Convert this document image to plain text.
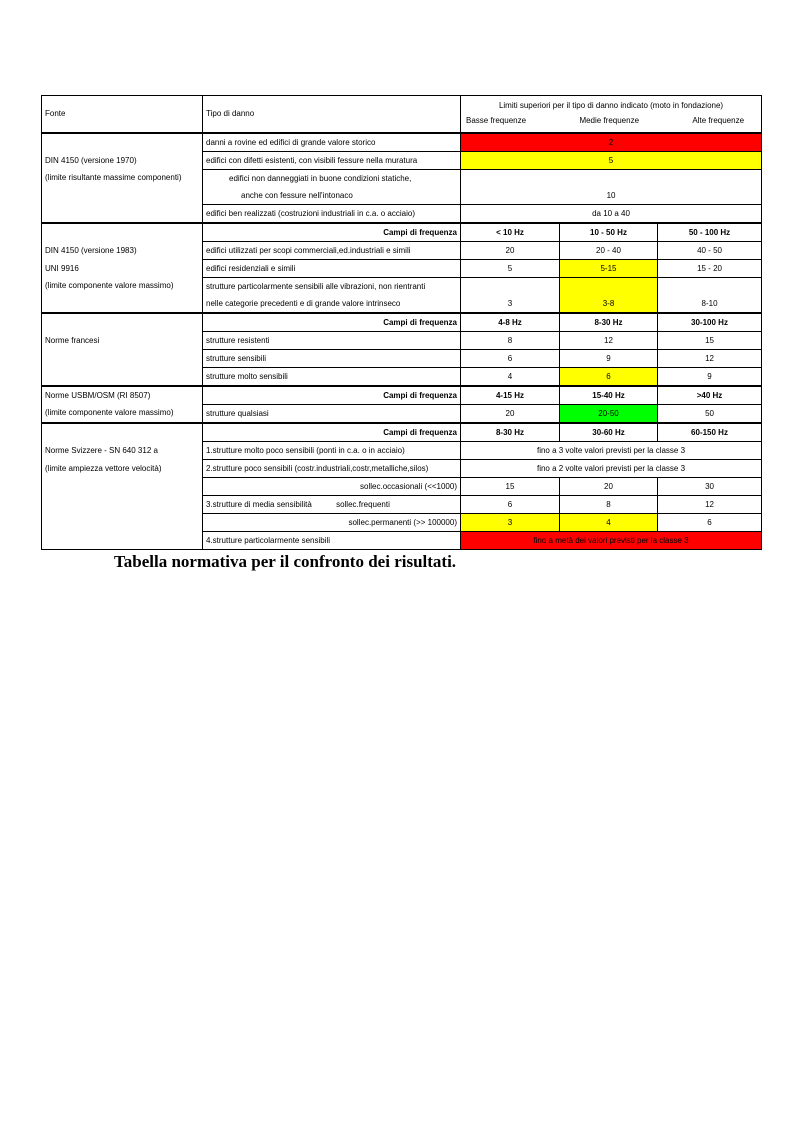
Fonte	Tipo di danno	Limiti superiori per il tipo di danno indicato (moto in fondazione)		

		Basse frequenze Medie frequenze Alte frequenze		

	danni a rovine ed edifici di grande valore storico	2		
DIN 4150 (versione 1970)	edifici con difetti esistenti, con visibili fessure nella muratura	5		
(limite risultante massime componenti)	edifici non danneggiati in buone condizioni statiche,			
	anche con fessure nell'intonaco	10		
	edifici ben realizzati (costruzioni industriali in c.a. o acciaio)	da 10 a 40		
	Campi di frequenza	< 10 Hz	10 - 50 Hz	50 - 100 Hz
DIN 4150 (versione 1983)	edifici utilizzati per scopi commerciali,ed.industriali e simili	20	20 - 40	40 - 50
UNI 9916	edifici residenziali e simili	5	5-15	15 - 20
(limite componente valore massimo)	strutture particolarmente sensibili alle vibrazioni, non rientranti			
	nelle categorie precedenti e di grande valore intrinseco	3	3-8	8-10
	Campi di frequenza	4-8 Hz	8-30 Hz	30-100 Hz
Norme francesi	strutture resistenti	8	12	15
	strutture sensibili	6	9	12
	strutture molto sensibili	4	6	9
Norme USBM/OSM (RI 8507)	Campi di frequenza	4-15 Hz	15-40 Hz	>40 Hz
(limite componente valore massimo)	strutture qualsiasi	20	20-50	50
	Campi di frequenza	8-30 Hz	30-60 Hz	60-150 Hz
Norme Svizzere - SN 640 312 a	1.strutture molto poco sensibili (ponti in c.a. o in acciaio)	fino a 3 volte valori previsti per la classe 3		
(limite ampiezza vettore velocità)	2.strutture poco sensibili (costr.industriali,costr,metalliche,silos)	fino a 2 volte valori previsti per la classe 3		
	sollec.occasionali (<<1000)	15	20	30
	3.strutture di media sensibilità sollec.frequenti	6	8	12
	sollec.permanenti (>> 100000)	3	4	6
	4.strutture particolarmente sensibili	fino a metà dei valori previsti per la classe 3		
Tabella normativa per il confronto dei risultati.
